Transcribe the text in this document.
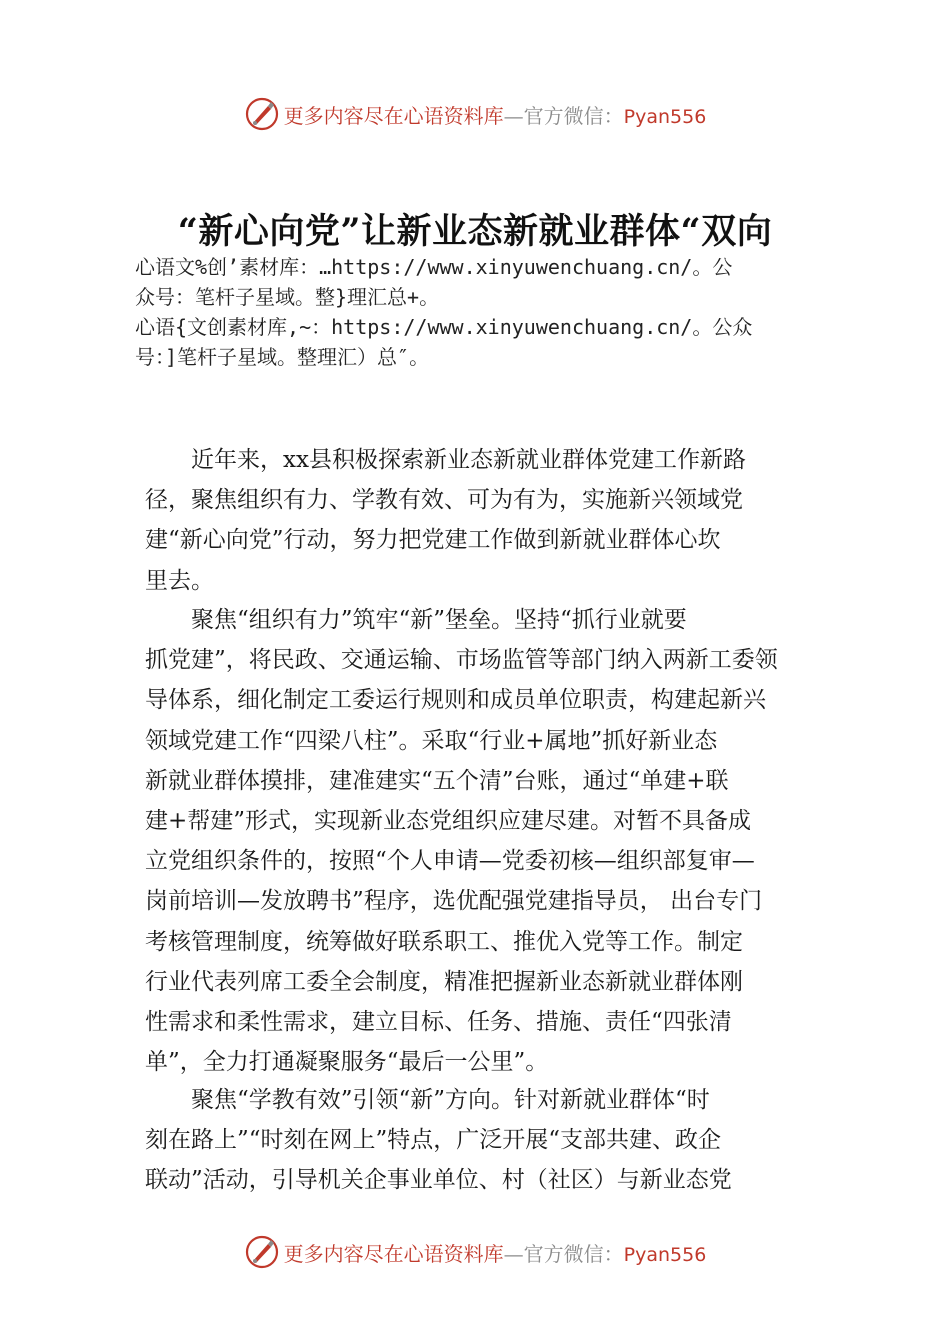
更多内容尽在心语资料库—官方微信：Pyan556
“新心向党”让新业态新就业群体“双向
心语文%创’素材库：…https://www.xinyuwenchuang.cn/。公
众号：笔杆子星域。整}理汇总+。
心语{文创素材库,~：https://www.xinyuwenchuang.cn/。公众
号：]笔杆子星域。整理汇）总″。
近年来，xx县积极探索新业态新就业群体党建工作新路
径，聚焦组织有力、学教有效、可为有为，实施新兴领域党
建“新心向党”行动，努力把党建工作做到新就业群体心坎
里去。
聚焦“组织有力”筑牢“新”堡垒。坚持“抓行业就要
抓党建”，将民政、交通运输、市场监管等部门纳入两新工委领
导体系，细化制定工委运行规则和成员单位职责，构建起新兴
领域党建工作“四梁八柱”。采取“行业+属地”抓好新业态
新就业群体摸排，建准建实“五个清”台账，通过“单建+联
建+帮建”形式，实现新业态党组织应建尽建。对暂不具备成
立党组织条件的，按照“个人申请—党委初核—组织部复审—
岗前培训—发放聘书”程序，选优配强党建指导员， 出台专门
考核管理制度，统筹做好联系职工、推优入党等工作。制定
行业代表列席工委全会制度，精准把握新业态新就业群体刚
性需求和柔性需求，建立目标、任务、措施、责任“四张清
单”，全力打通凝聚服务“最后一公里”。
聚焦“学教有效”引领“新”方向。针对新就业群体“时
刻在路上”“时刻在网上”特点，广泛开展“支部共建、政企
联动”活动，引导机关企事业单位、村（社区）与新业态党
更多内容尽在心语资料库—官方微信：Pyan556
